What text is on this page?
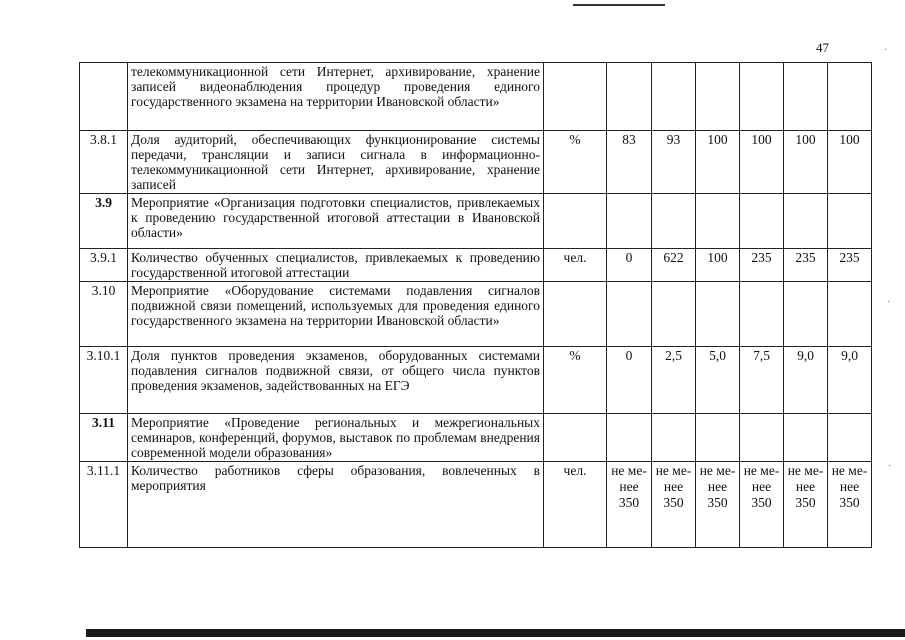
47	·
·
·
	телекоммуникационной сети Интернет, архивирование, хранение записей видеонаблюдения процедур проведения единого государственного экзамена на территории Ивановской области»		

3.8.1	Доля аудиторий, обеспечивающих функционирование системы передачи, трансляции и записи сигнала в информационно-телекоммуникационной сети Интернет, архивирование, хранение записей	%	83	93	100	100	100	100

3.9	Мероприятие «Организация подготовки специалистов, привлекаемых к проведению государственной итоговой аттестации в Ивановской области»		

3.9.1	Количество обученных специалистов, привлекаемых к проведению государственной итоговой аттестации	чел.	0	622	100	235	235	235

3.10	Мероприятие «Оборудование системами подавления сигналов подвижной связи помещений, используемых для проведения единого государственного экзамена на территории Ивановской области»		

3.10.1	Доля пунктов проведения экзаменов, оборудованных системами подавления сигналов подвижной связи, от общего числа пунктов проведения экзаменов, задействованных на ЕГЭ	%	0	2,5	5,0	7,5	9,0	9,0

3.11	Мероприятие «Проведение региональных и межрегиональных семинаров, конференций, форумов, выставок по проблемам внедрения современной модели образования»		

3.11.1	Количество работников сферы образования, вовлеченных в мероприятия	чел.	не ме-нее 350	не ме-нее 350	не ме-нее 350	не ме-нее 350	не ме-нее 350	не ме-нее 350
